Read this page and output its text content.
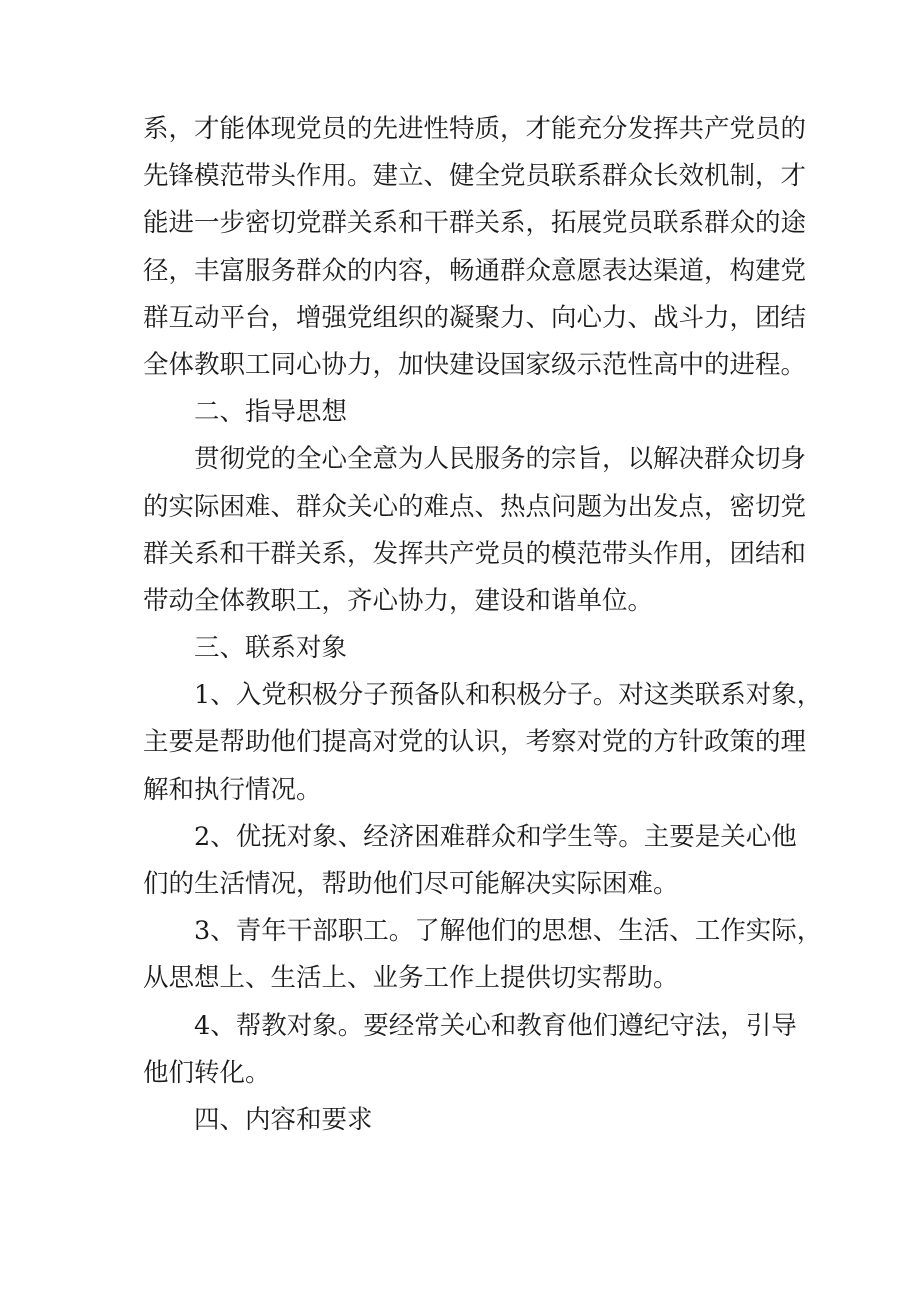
系，才能体现党员的先进性特质，才能充分发挥共产党员的
先锋模范带头作用。建立、健全党员联系群众长效机制，才
能进一步密切党群关系和干群关系，拓展党员联系群众的途
径，丰富服务群众的内容，畅通群众意愿表达渠道，构建党
群互动平台，增强党组织的凝聚力、向心力、战斗力，团结
全体教职工同心协力，加快建设国家级示范性高中的进程。
二、指导思想
贯彻党的全心全意为人民服务的宗旨，以解决群众切身
的实际困难、群众关心的难点、热点问题为出发点，密切党
群关系和干群关系，发挥共产党员的模范带头作用，团结和
带动全体教职工，齐心协力，建设和谐单位。
三、联系对象
1、入党积极分子预备队和积极分子。对这类联系对象，
主要是帮助他们提高对党的认识，考察对党的方针政策的理
解和执行情况。
2、优抚对象、经济困难群众和学生等。主要是关心他
们的生活情况，帮助他们尽可能解决实际困难。
3、青年干部职工。了解他们的思想、生活、工作实际，
从思想上、生活上、业务工作上提供切实帮助。
4、帮教对象。要经常关心和教育他们遵纪守法，引导
他们转化。
四、内容和要求
